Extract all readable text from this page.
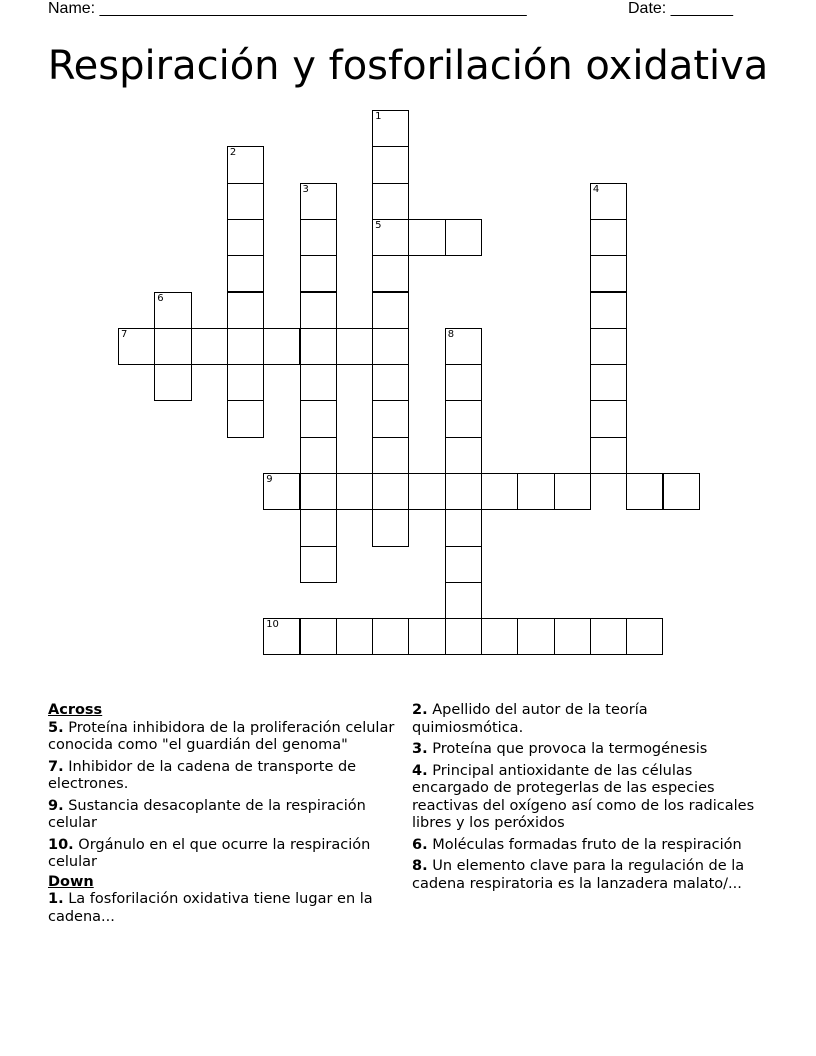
Name: ________________________________________________	Date: _______
Respiración y fosforilación oxidativa
1
5
2
3	4
6
7	8
9
10
Across
5. Proteína inhibidora de la proliferación celular conocida como "el guardián del genoma"
7. Inhibidor de la cadena de transporte de electrones.
9. Sustancia desacoplante de la respiración celular
10. Orgánulo en el que ocurre la respiración celular
Down
1. La fosforilación oxidativa tiene lugar en la cadena...
2. Apellido del autor de la teoría quimiosmótica.
3. Proteína que provoca la termogénesis
4. Principal antioxidante de las células encargado de protegerlas de las especies reactivas del oxígeno así como de los radicales libres y los peróxidos
6. Moléculas formadas fruto de la respiración
8. Un elemento clave para la regulación de la cadena respiratoria es la lanzadera malato/...
